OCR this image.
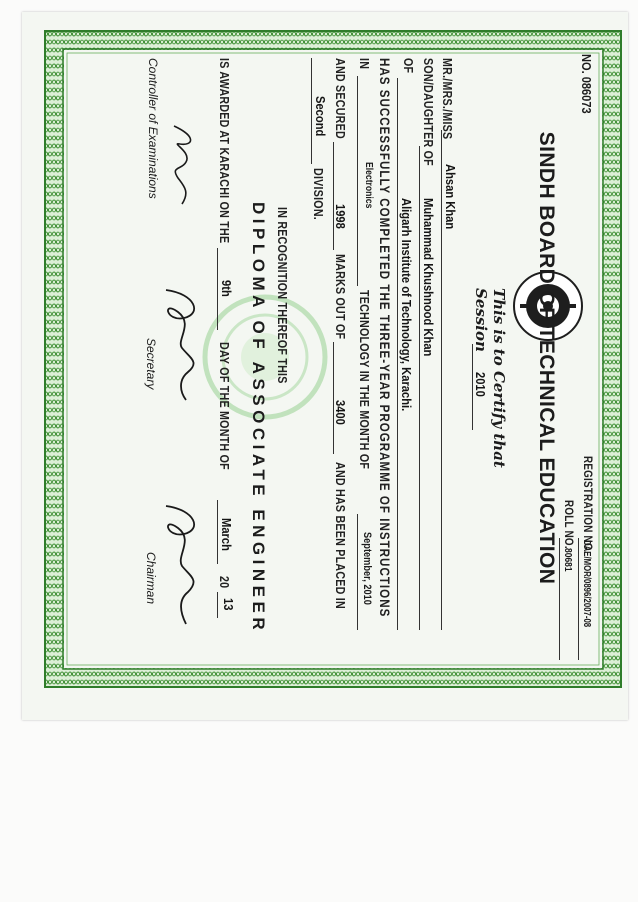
NO. 086073
REGISTRATION NO.
DAE/MOR/0896/2007-08
ROLL NO.
80681
SINDH BOARD OF TECHNICAL EDUCATION
This is to Certify that
Session
2010
MR./MRS./MISS
Ahsan Khan
SON/DAUGHTER OF
Muhammad Khushnood Khan
OF
Aligarh Institute of Technology, Karachi.
HAS SUCCESSFULLY COMPLETED THE THREE-YEAR PROGRAMME OF INSTRUCTIONS
IN
Electronics
TECHNOLOGY IN THE MONTH OF
September, 2010
AND SECURED
1998
MARKS OUT OF
3400
AND HAS BEEN PLACED IN
Second
DIVISION.
IN RECOGNITION THEREOF THIS
DIPLOMA OF ASSOCIATE ENGINEER
IS AWARDED AT KARACHI ON THE
9th
DAY OF THE MONTH OF
March
20
13
Controller of Examinations
Secretary
Chairman
